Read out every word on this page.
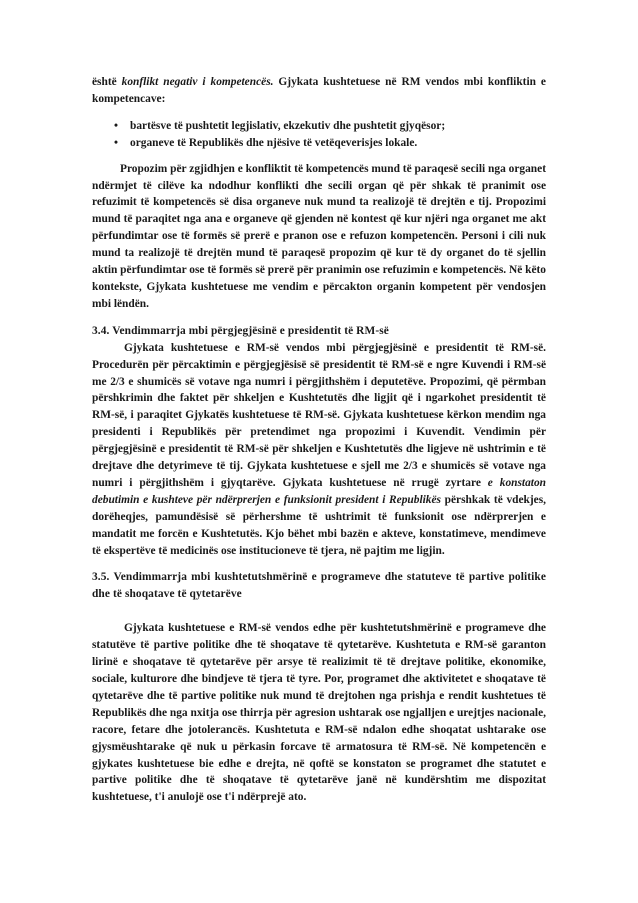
është konflikt negativ i kompetencës. Gjykata kushtetuese në RM vendos mbi konfliktin e kompetencave:

• bartësve të pushtetit legjislativ, ekzekutiv dhe pushtetit gjyqësor;
• organeve të Republikës dhe njësive të vetëqeverisjes lokale.

Propozim për zgjidhjen e konfliktit të kompetencës mund të paraqesë secili nga organet ndërmjet të cilëve ka ndodhur konflikti dhe secili organ që për shkak të pranimit ose refuzimit të kompetencës së disa organeve nuk mund ta realizojë të drejtën e tij. Propozimi mund të paraqitet nga ana e organeve që gjenden në kontest që kur njëri nga organet me akt përfundimtar ose të formës së prerë e pranon ose e refuzon kompetencën. Personi i cili nuk mund ta realizojë të drejtën mund të paraqesë propozim që kur të dy organet do të sjellin aktin përfundimtar ose të formës së prerë për pranimin ose refuzimin e kompetencës. Në këto kontekste, Gjykata kushtetuese me vendim e përcakton organin kompetent për vendosjen mbi lëndën.

3.4. Vendimmarrja mbi përgjegjësinë e presidentit të RM-së

Gjykata kushtetuese e RM-së vendos mbi përgjegjësinë e presidentit të RM-së. Procedurën për përcaktimin e përgjegjësisë së presidentit të RM-së e ngre Kuvendi i RM-së me 2/3 e shumicës së votave nga numri i përgjithshëm i deputetëve. Propozimi, që përmban përshkrimin dhe faktet për shkeljen e Kushtetutës dhe ligjit që i ngarkohet presidentit të RM-së, i paraqitet Gjykatës kushtetuese të RM-së. Gjykata kushtetuese kërkon mendim nga presidenti i Republikës për pretendimet nga propozimi i Kuvendit. Vendimin për përgjegjësinë e presidentit të RM-së për shkeljen e Kushtetutës dhe ligjeve në ushtrimin e të drejtave dhe detyrimeve të tij. Gjykata kushtetuese e sjell me 2/3 e shumicës së votave nga numri i përgjithshëm i gjyqtarëve. Gjykata kushtetuese në rrugë zyrtare e konstaton debutimin e kushteve për ndërprerjen e funksionit president i Republikës përshkak të vdekjes, dorëheqjes, pamundësisë së përhershme të ushtrimit të funksionit ose ndërprerjen e mandatit me forcën e Kushtetutës. Kjo bëhet mbi bazën e akteve, konstatimeve, mendimeve të ekspertëve të medicinës ose institucioneve të tjera, në pajtim me ligjin.

3.5. Vendimmarrja mbi kushtetutshmërinë e programeve dhe statuteve të partive politike dhe të shoqatave të qytetarëve

Gjykata kushtetuese e RM-së vendos edhe për kushtetutshmërinë e programeve dhe statutëve të partive politike dhe të shoqatave të qytetarëve. Kushtetuta e RM-së garanton lirinë e shoqatave të qytetarëve për arsye të realizimit të të drejtave politike, ekonomike, sociale, kulturore dhe bindjeve të tjera të tyre. Por, programet dhe aktivitetet e shoqatave të qytetarëve dhe të partive politike nuk mund të drejtohen nga prishja e rendit kushtetues të Republikës dhe nga nxitja ose thirrja për agresion ushtarak ose ngjalljen e urejtjes nacionale, racore, fetare dhe jotolerancës. Kushtetuta e RM-së ndalon edhe shoqatat ushtarake ose gjysmëushtarake që nuk u përkasin forcave të armatosura të RM-së. Në kompetencën e gjykates kushtetuese bie edhe e drejta, në qoftë se konstaton se programet dhe statutet e partive politike dhe të shoqatave të qytetarëve janë në kundërshtim me dispozitat kushtetuese, t'i anulojë ose t'i ndërprejë ato.
